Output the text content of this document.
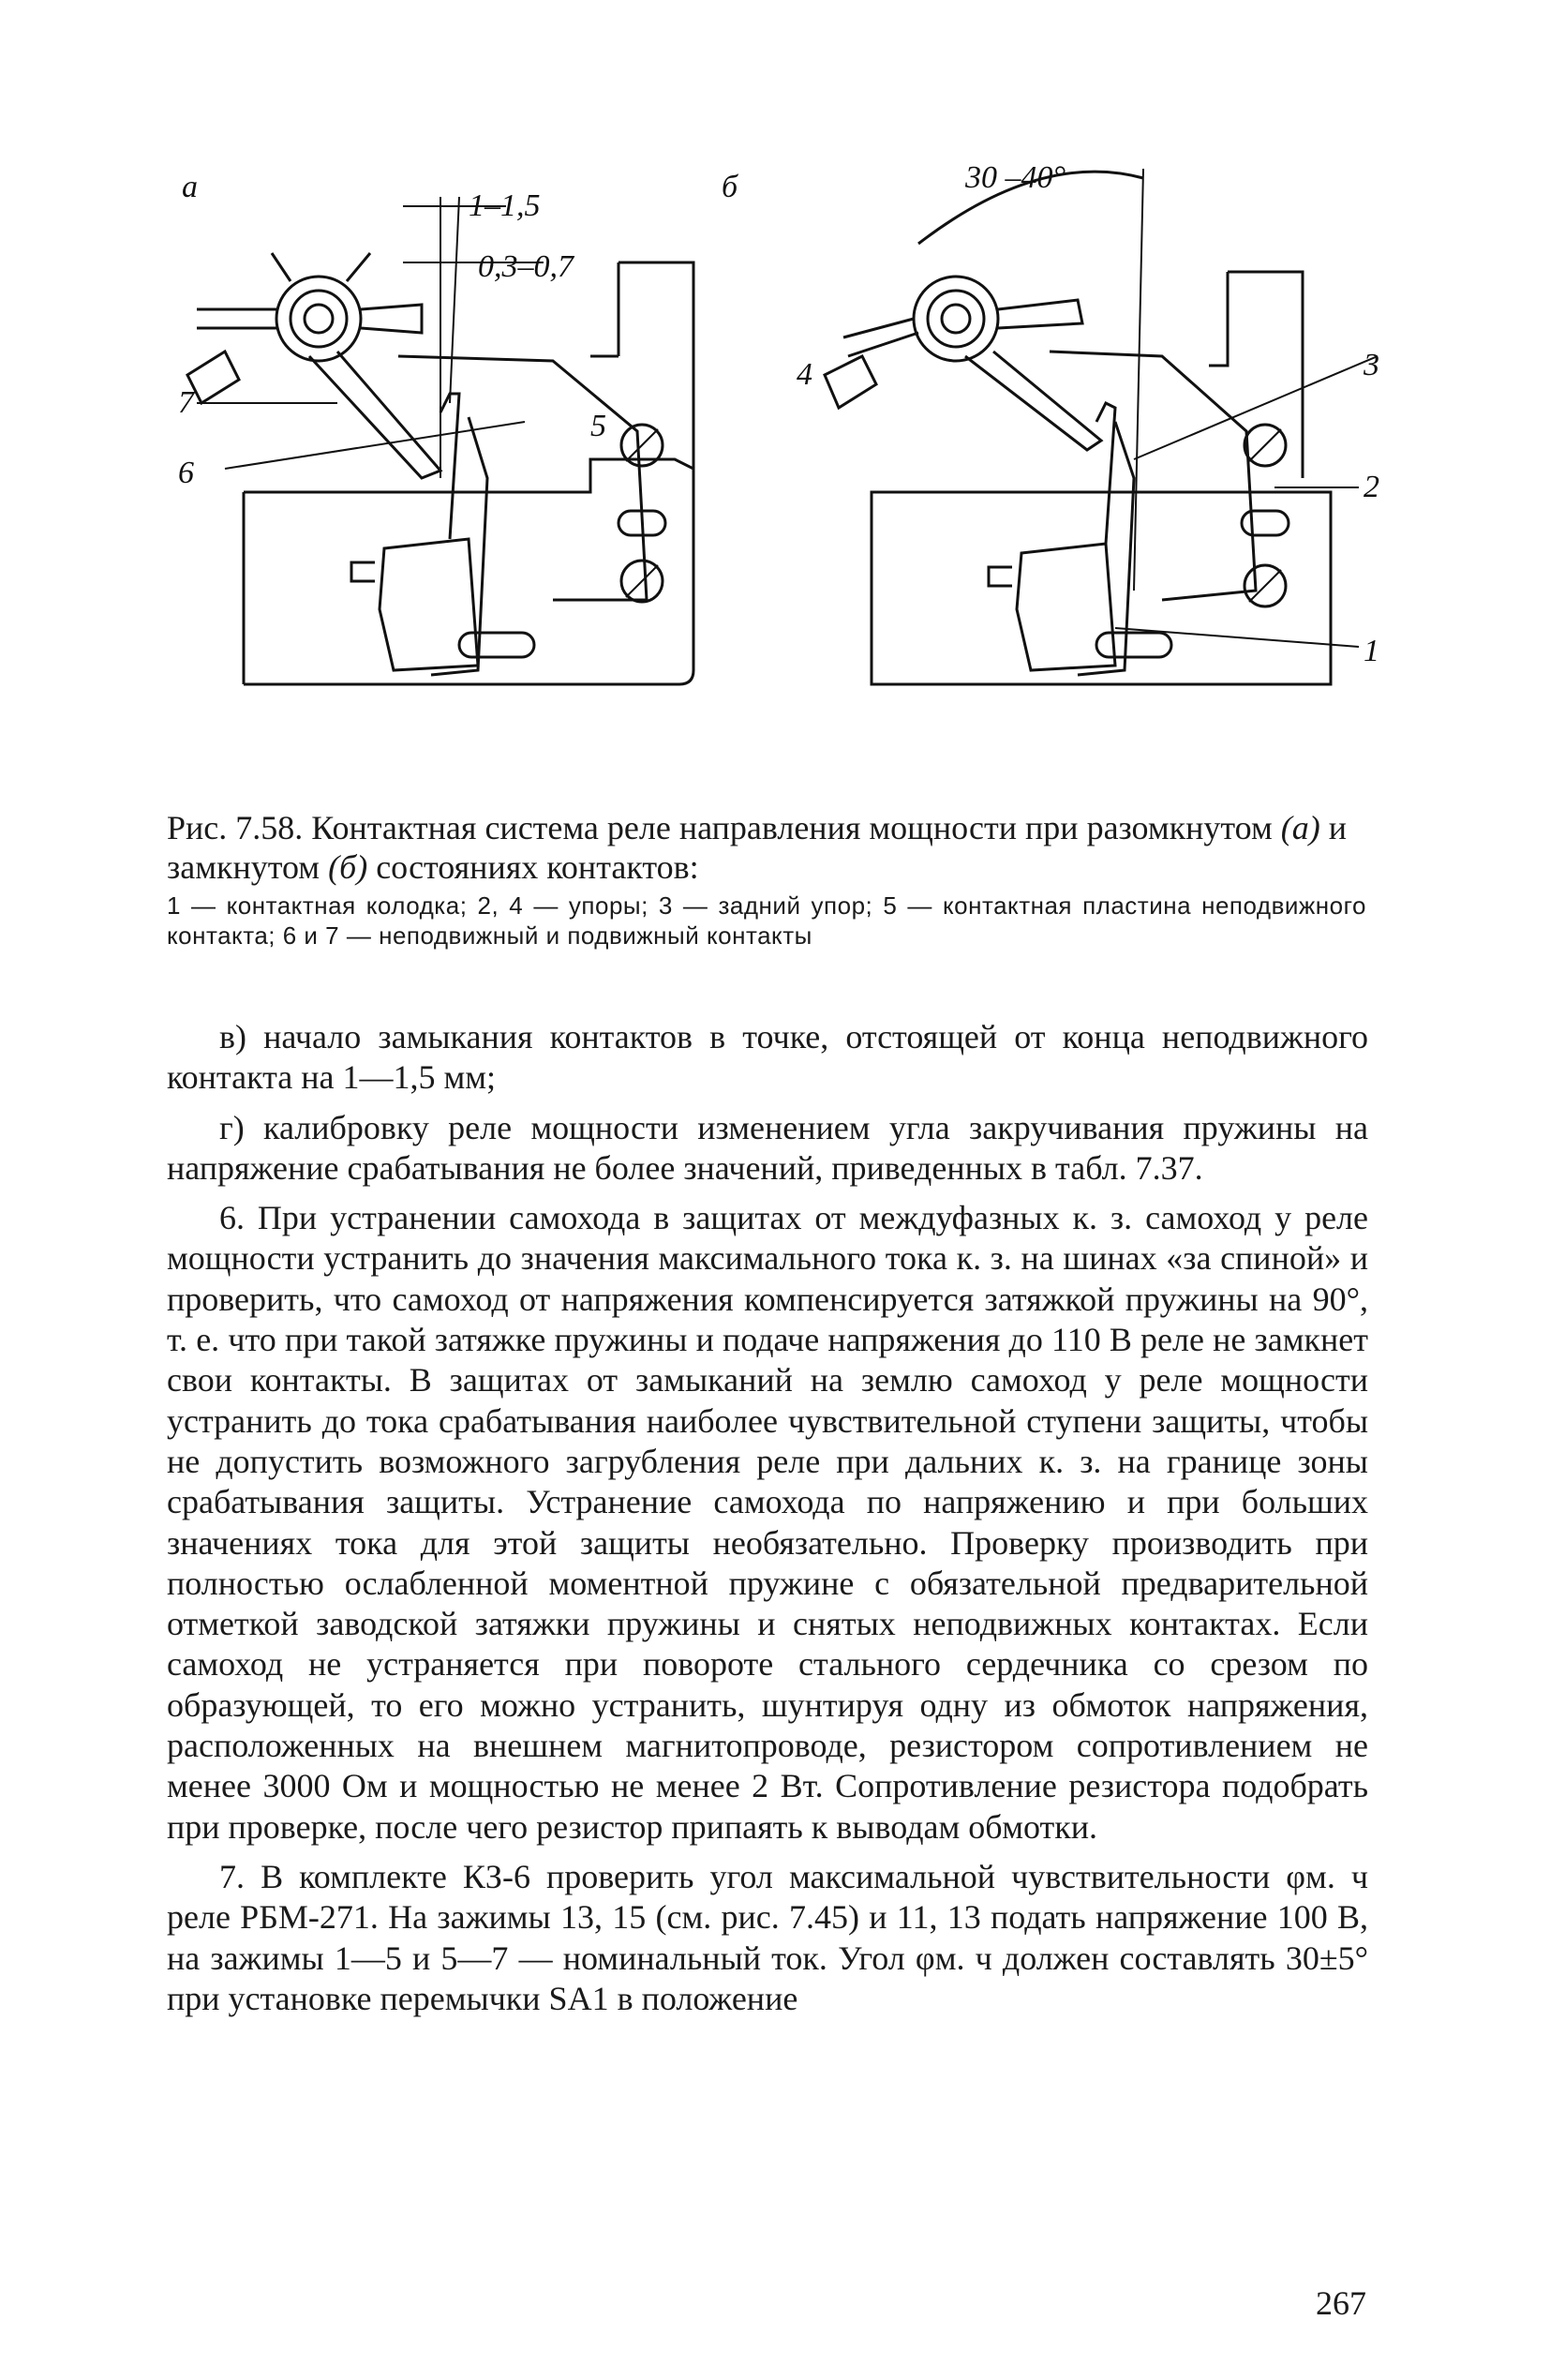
а
1–1,5
0,3–0,7
7
6
5
б	30 –40°
4	3
2
1
Рис. 7.58. Контактная система реле направления мощности при разомкнутом (а) и замкнутом (б) состояниях контактов:
1 — контактная колодка; 2, 4 — упоры; 3 — задний упор; 5 — контактная пластина неподвижного контакта; 6 и 7 — неподвижный и подвижный контакты

в) начало замыкания контактов в точке, отстоящей от конца неподвижного контакта на 1—1,5 мм;

г) калибровку реле мощности изменением угла закручивания пружины на напряжение срабатывания не более значений, приведенных в табл. 7.37.

6. При устранении самохода в защитах от междуфазных к. з. самоход у реле мощности устранить до значения максимального тока к. з. на шинах «за спиной» и проверить, что самоход от напряжения компенсируется затяжкой пружины на 90°, т. е. что при такой затяжке пружины и подаче напряжения до 110 В реле не замкнет свои контакты. В защитах от замыканий на землю самоход у реле мощности устранить до тока срабатывания наиболее чувствительной ступени защиты, чтобы не допустить возможного загрубления реле при дальних к. з. на границе зоны срабатывания защиты. Устранение самохода по напряжению и при больших значениях тока для этой защиты необязательно. Проверку производить при полностью ослабленной моментной пружине с обязательной предварительной отметкой заводской затяжки пружины и снятых неподвижных контактах. Если самоход не устраняется при повороте стального сердечника со срезом по образующей, то его можно устранить, шунтируя одну из обмоток напряжения, расположенных на внешнем магнитопроводе, резистором сопротивлением не менее 3000 Ом и мощностью не менее 2 Вт. Сопротивление резистора подобрать при проверке, после чего резистор припаять к выводам обмотки.

7. В комплекте КЗ-6 проверить угол максимальной чувствительности φм. ч реле РБМ-271. На зажимы 13, 15 (см. рис. 7.45) и 11, 13 подать напряжение 100 В, на зажимы 1—5 и 5—7 — номинальный ток. Угол φм. ч должен составлять 30±5° при установке перемычки SA1 в положение

267
